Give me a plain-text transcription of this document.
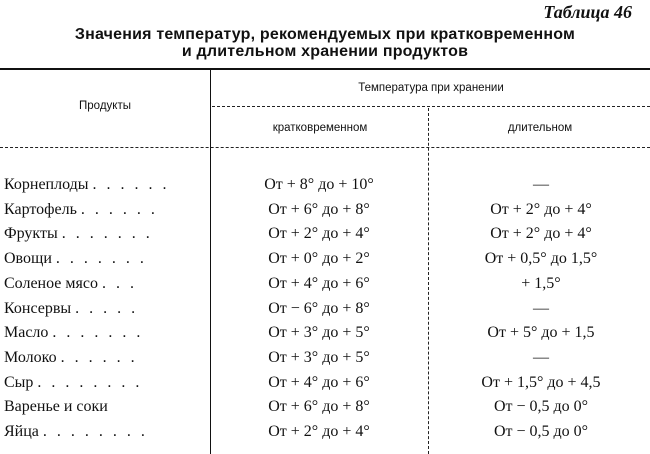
Таблица 46
Значения температур, рекомендуемых при кратковременном
и длительном хранении продуктов
Продукты
Температура при хранении
кратковременном	длительном
Корнеплоды . . . . . .	От + 8° до + 10°	—
Картофель . . . . . .	От + 6° до + 8°	От + 2° до + 4°
Фрукты . . . . . . .	От + 2° до + 4°	От + 2° до + 4°
Овощи . . . . . . .	От + 0° до + 2°	От + 0,5° до 1,5°
Соленое мясо . . .	От + 4° до + 6°	+ 1,5°
Консервы . . . . .	От − 6° до + 8°	—
Масло . . . . . . .	От + 3° до + 5°	От + 5° до + 1,5
Молоко . . . . . .	От + 3° до + 5°	—
Сыр . . . . . . . .	От + 4° до + 6°	От + 1,5° до + 4,5
Варенье и соки	От + 6° до + 8°	От − 0,5 до 0°
Яйца . . . . . . . .	От + 2° до + 4°	От − 0,5 до 0°
